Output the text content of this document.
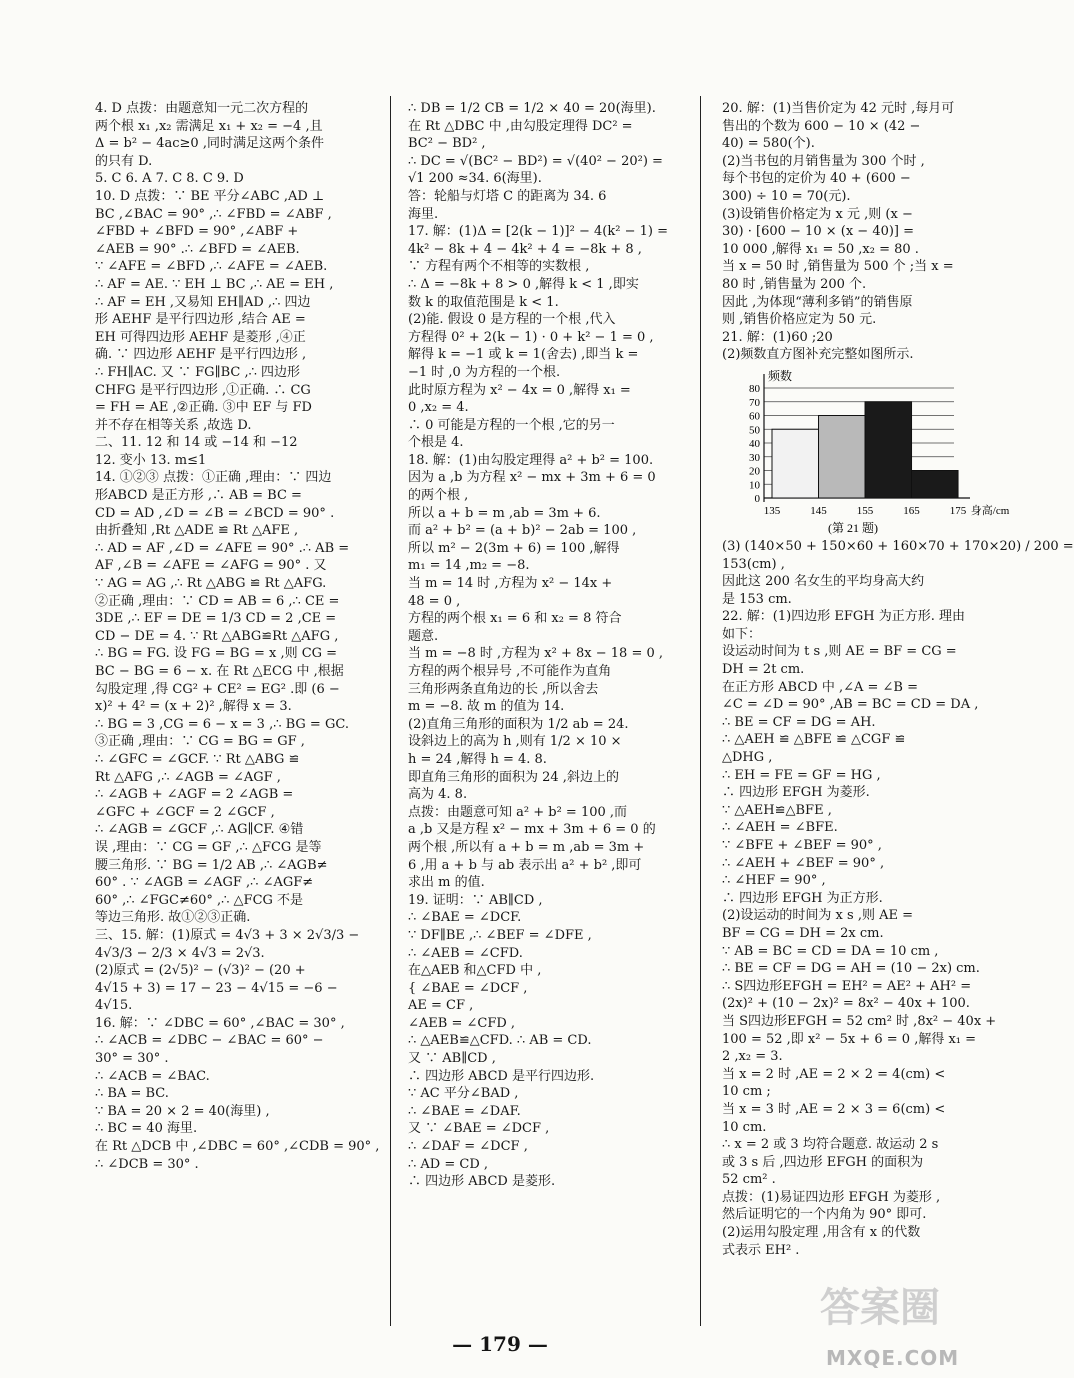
4. D 点拨：由题意知一元二次方程的
两个根 x₁ ,x₂ 需满足 x₁ + x₂ = −4 ,且
Δ = b² − 4ac≥0 ,同时满足这两个条件
的只有 D.
5. C 6. A 7. C 8. C 9. D
10. D 点拨：∵ BE 平分∠ABC ,AD ⊥
BC ,∠BAC = 90° ,∴ ∠FBD = ∠ABF ,
∠FBD + ∠BFD = 90° ,∠ABF +
∠AEB = 90° .∴ ∠BFD = ∠AEB.
∵ ∠AFE = ∠BFD ,∴ ∠AFE = ∠AEB.
∴ AF = AE. ∵ EH ⊥ BC ,∴ AE = EH ,
∴ AF = EH ,又易知 EH∥AD ,∴ 四边
形 AEHF 是平行四边形 ,结合 AE =
EH 可得四边形 AEHF 是菱形 ,④正
确. ∵ 四边形 AEHF 是平行四边形 ,
∴ FH∥AC. 又 ∵ FG∥BC ,∴ 四边形
CHFG 是平行四边形 ,①正确. ∴ CG
= FH = AE ,②正确. ③中 EF 与 FD
并不存在相等关系 ,故选 D.
二、11. 12 和 14 或 −14 和 −12
12. 变小 13. m≤1
14. ①②③ 点拨：①正确 ,理由：∵ 四边
形ABCD 是正方形 ,∴ AB = BC =
CD = AD ,∠D = ∠B = ∠BCD = 90° .
由折叠知 ,Rt △ADE ≌ Rt △AFE ,
∴ AD = AF ,∠D = ∠AFE = 90° .∴ AB =
AF ,∠B = ∠AFE = ∠AFG = 90° . 又
∵ AG = AG ,∴ Rt △ABG ≌ Rt △AFG.
②正确 ,理由：∵ CD = AB = 6 ,∴ CE =
3DE ,∴ EF = DE = 1/3 CD = 2 ,CE =
CD − DE = 4. ∵ Rt △ABG≌Rt △AFG ,
∴ BG = FG. 设 FG = BG = x ,则 CG =
BC − BG = 6 − x. 在 Rt △ECG 中 ,根据
勾股定理 ,得 CG² + CE² = EG² .即 (6 −
x)² + 4² = (x + 2)² ,解得 x = 3.
∴ BG = 3 ,CG = 6 − x = 3 ,∴ BG = GC.
③正确 ,理由：∵ CG = BG = GF ,
∴ ∠GFC = ∠GCF. ∵ Rt △ABG ≌
Rt △AFG ,∴ ∠AGB = ∠AGF ,
∴ ∠AGB + ∠AGF = 2 ∠AGB =
∠GFC + ∠GCF = 2 ∠GCF ,
∴ ∠AGB = ∠GCF ,∴ AG∥CF. ④错
误 ,理由：∵ CG = GF ,∴ △FCG 是等
腰三角形. ∵ BG = 1/2 AB ,∴ ∠AGB≠
60° . ∵ ∠AGB = ∠AGF ,∴ ∠AGF≠
60° ,∴ ∠FGC≠60° ,∴ △FCG 不是
等边三角形. 故①②③正确.
三、15. 解：(1)原式 = 4√3 + 3 × 2√3/3 −
4√3/3 − 2/3 × 4√3 = 2√3.
(2)原式 = (2√5)² − (√3)² − (20 +
4√15 + 3) = 17 − 23 − 4√15 = −6 −
4√15.
16. 解：∵ ∠DBC = 60° ,∠BAC = 30° ,
∴ ∠ACB = ∠DBC − ∠BAC = 60° −
30° = 30° .
∴ ∠ACB = ∠BAC.
∴ BA = BC.
∵ BA = 20 × 2 = 40(海里) ,
∴ BC = 40 海里.
在 Rt △DCB 中 ,∠DBC = 60° ,∠CDB = 90° ,
∴ ∠DCB = 30° .
∴ DB = 1/2 CB = 1/2 × 40 = 20(海里).
在 Rt △DBC 中 ,由勾股定理得 DC² =
BC² − BD² ,
∴ DC = √(BC² − BD²) = √(40² − 20²) =
√1 200 ≈34. 6(海里).
答：轮船与灯塔 C 的距离为 34. 6
海里.
17. 解：(1)Δ = [2(k − 1)]² − 4(k² − 1) =
4k² − 8k + 4 − 4k² + 4 = −8k + 8 ,
∵ 方程有两个不相等的实数根 ,
∴ Δ = −8k + 8 > 0 ,解得 k < 1 ,即实
数 k 的取值范围是 k < 1.
(2)能. 假设 0 是方程的一个根 ,代入
方程得 0² + 2(k − 1) · 0 + k² − 1 = 0 ,
解得 k = −1 或 k = 1(舍去) ,即当 k =
−1 时 ,0 为方程的一个根.
此时原方程为 x² − 4x = 0 ,解得 x₁ =
0 ,x₂ = 4.
∴ 0 可能是方程的一个根 ,它的另一
个根是 4.
18. 解：(1)由勾股定理得 a² + b² = 100.
因为 a ,b 为方程 x² − mx + 3m + 6 = 0
的两个根 ,
所以 a + b = m ,ab = 3m + 6.
而 a² + b² = (a + b)² − 2ab = 100 ,
所以 m² − 2(3m + 6) = 100 ,解得
m₁ = 14 ,m₂ = −8.
当 m = 14 时 ,方程为 x² − 14x +
48 = 0 ,
方程的两个根 x₁ = 6 和 x₂ = 8 符合
题意.
当 m = −8 时 ,方程为 x² + 8x − 18 = 0 ,
方程的两个根异号 ,不可能作为直角
三角形两条直角边的长 ,所以舍去
m = −8. 故 m 的值为 14.
(2)直角三角形的面积为 1/2 ab = 24.
设斜边上的高为 h ,则有 1/2 × 10 ×
h = 24 ,解得 h = 4. 8.
即直角三角形的面积为 24 ,斜边上的
高为 4. 8.
点拨：由题意可知 a² + b² = 100 ,而
a ,b 又是方程 x² − mx + 3m + 6 = 0 的
两个根 ,所以有 a + b = m ,ab = 3m +
6 ,用 a + b 与 ab 表示出 a² + b² ,即可
求出 m 的值.
19. 证明：∵ AB∥CD ,
∴ ∠BAE = ∠DCF.
∵ DF∥BE ,∴ ∠BEF = ∠DFE ,
∴ ∠AEB = ∠CFD.
在△AEB 和△CFD 中 ,
{ ∠BAE = ∠DCF ,
AE = CF ,
∠AEB = ∠CFD ,
∴ △AEB≌△CFD. ∴ AB = CD.
又 ∵ AB∥CD ,
∴ 四边形 ABCD 是平行四边形.
∵ AC 平分∠BAD ,
∴ ∠BAE = ∠DAF.
又 ∵ ∠BAE = ∠DCF ,
∴ ∠DAF = ∠DCF ,
∴ AD = CD ,
∴ 四边形 ABCD 是菱形.
20. 解：(1)当售价定为 42 元时 ,每月可
售出的个数为 600 − 10 × (42 −
40) = 580(个).
(2)当书包的月销售量为 300 个时 ,
每个书包的定价为 40 + (600 −
300) ÷ 10 = 70(元).
(3)设销售价格定为 x 元 ,则 (x −
30) · [600 − 10 × (x − 40)] =
10 000 ,解得 x₁ = 50 ,x₂ = 80 .
当 x = 50 时 ,销售量为 500 个 ;当 x =
80 时 ,销售量为 200 个.
因此 ,为体现“薄利多销”的销售原
则 ,销售价格应定为 50 元.
21. 解：(1)60 ;20
(2)频数直方图补充完整如图所示.
80
70
60
50
40
30
20
10
0
频数
135	145	155	165	175 身高/cm
(第 21 题)
(3) (140×50 + 150×60 + 160×70 + 170×20) / 200 =
153(cm) ,
因此这 200 名女生的平均身高大约
是 153 cm.
22. 解：(1)四边形 EFGH 为正方形. 理由
如下：
设运动时间为 t s ,则 AE = BF = CG =
DH = 2t cm.
在正方形 ABCD 中 ,∠A = ∠B =
∠C = ∠D = 90° ,AB = BC = CD = DA ,
∴ BE = CF = DG = AH.
∴ △AEH ≌ △BFE ≌ △CGF ≌
△DHG ,
∴ EH = FE = GF = HG ,
∴ 四边形 EFGH 为菱形.
∵ △AEH≌△BFE ,
∴ ∠AEH = ∠BFE.
∵ ∠BFE + ∠BEF = 90° ,
∴ ∠AEH + ∠BEF = 90° ,
∴ ∠HEF = 90° ,
∴ 四边形 EFGH 为正方形.
(2)设运动的时间为 x s ,则 AE =
BF = CG = DH = 2x cm.
∵ AB = BC = CD = DA = 10 cm ,
∴ BE = CF = DG = AH = (10 − 2x) cm.
∴ S四边形EFGH = EH² = AE² + AH² =
(2x)² + (10 − 2x)² = 8x² − 40x + 100.
当 S四边形EFGH = 52 cm² 时 ,8x² − 40x +
100 = 52 ,即 x² − 5x + 6 = 0 ,解得 x₁ =
2 ,x₂ = 3.
当 x = 2 时 ,AE = 2 × 2 = 4(cm) <
10 cm ;
当 x = 3 时 ,AE = 2 × 3 = 6(cm) <
10 cm.
∴ x = 2 或 3 均符合题意. 故运动 2 s
或 3 s 后 ,四边形 EFGH 的面积为
52 cm² .
点拨：(1)易证四边形 EFGH 为菱形 ,
然后证明它的一个内角为 90° 即可.
(2)运用勾股定理 ,用含有 x 的代数
式表示 EH² .
— 179 —
答案圈
MXQE.COM
